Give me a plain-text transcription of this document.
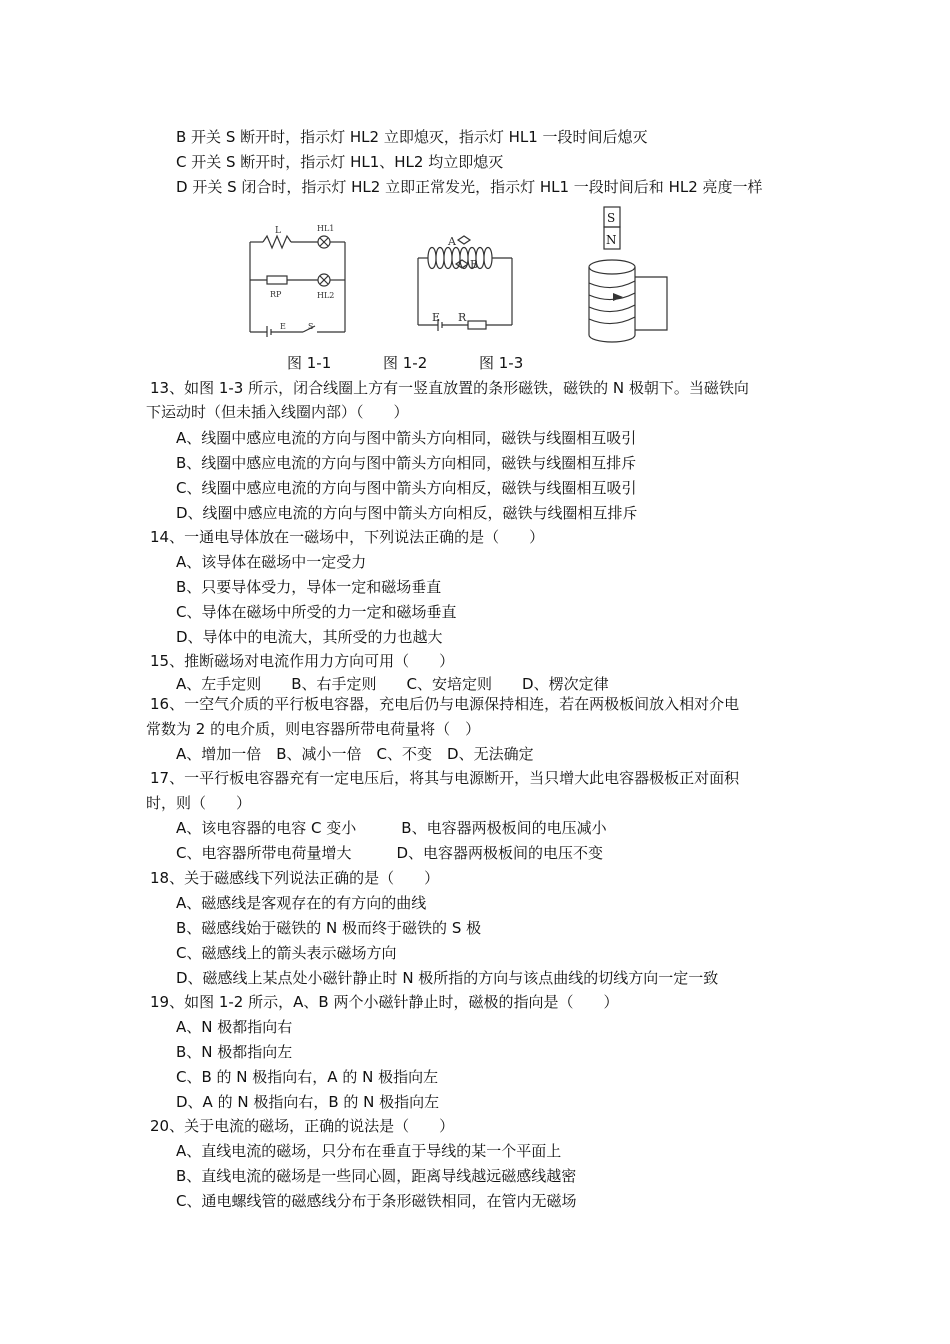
B 开关 S 断开时，指示灯 HL2 立即熄灭，指示灯 HL1 一段时间后熄灭
C 开关 S 断开时，指示灯 HL1、HL2 均立即熄灭
D 开关 S 闭合时，指示灯 HL2 立即正常发光，指示灯 HL1 一段时间后和 HL2 亮度一样
L	HL1
RP	HL2
E	S
A
B
E R
S
N
图 1-1	图 1-2	图 1-3
13、如图 1-3 所示，闭合线圈上方有一竖直放置的条形磁铁，磁铁的 N 极朝下。当磁铁向
下运动时（但未插入线圈内部）（　　）
A、线圈中感应电流的方向与图中箭头方向相同，磁铁与线圈相互吸引
B、线圈中感应电流的方向与图中箭头方向相同，磁铁与线圈相互排斥
C、线圈中感应电流的方向与图中箭头方向相反，磁铁与线圈相互吸引
D、线圈中感应电流的方向与图中箭头方向相反，磁铁与线圈相互排斥
14、一通电导体放在一磁场中，下列说法正确的是（　　）
A、该导体在磁场中一定受力
B、只要导体受力，导体一定和磁场垂直
C、导体在磁场中所受的力一定和磁场垂直
D、导体中的电流大，其所受的力也越大
15、推断磁场对电流作用力方向可用（　　）
A、左手定则　　B、右手定则　　C、安培定则　　D、楞次定律
16、一空气介质的平行板电容器，充电后仍与电源保持相连，若在两极板间放入相对介电
常数为 2 的电介质，则电容器所带电荷量将（　）
A、增加一倍　B、减小一倍　C、不变　D、无法确定
17、一平行板电容器充有一定电压后，将其与电源断开，当只增大此电容器极板正对面积
时，则（　　）
A、该电容器的电容 C 变小　　　B、电容器两极板间的电压减小
C、电容器所带电荷量增大　　　D、电容器两极板间的电压不变
18、关于磁感线下列说法正确的是（　　）
A、磁感线是客观存在的有方向的曲线
B、磁感线始于磁铁的 N 极而终于磁铁的 S 极
C、磁感线上的箭头表示磁场方向
D、磁感线上某点处小磁针静止时 N 极所指的方向与该点曲线的切线方向一定一致
19、如图 1-2 所示，A、B 两个小磁针静止时，磁极的指向是（　　）
A、N 极都指向右
B、N 极都指向左
C、B 的 N 极指向右，A 的 N 极指向左
D、A 的 N 极指向右，B 的 N 极指向左
20、关于电流的磁场，正确的说法是（　　）
A、直线电流的磁场，只分布在垂直于导线的某一个平面上
B、直线电流的磁场是一些同心圆，距离导线越远磁感线越密
C、通电螺线管的磁感线分布于条形磁铁相同，在管内无磁场
